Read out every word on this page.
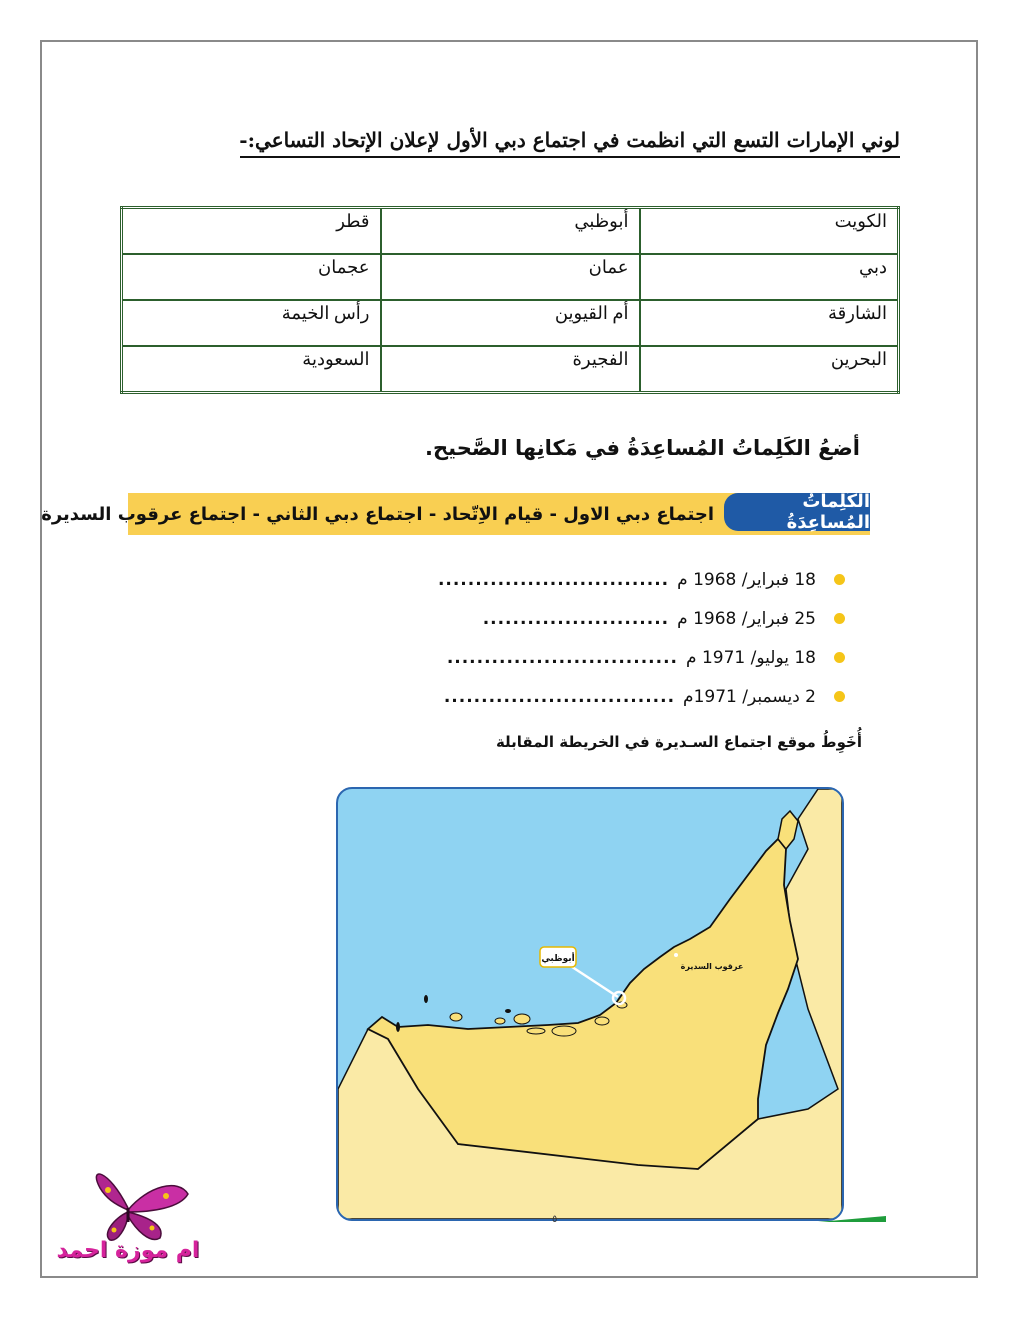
لوني الإمارات التسع التي انظمت في اجتماع دبي الأول لإعلان الإتحاد التساعي:-
الكويت	أبوظبي	قطر
دبي	عمان	عجمان
الشارقة	أم القيوين	رأس الخيمة
البحرين	الفجيرة	السعودية
أضعُ الكَلِماتُ المُساعِدَةُ في مَكانِها الصَّحيح.
الكَلِماتُ المُساعِدَةُ
اجتماع دبي الاول - قيام الاِتّحاد - اجتماع دبي الثاني - اجتماع عرقوب السديرة
18 فبراير/ 1968 م
...............................
25 فبراير/ 1968 م
.........................
18 يوليو/ 1971 م
...............................
2 ديسمبر/ 1971م
...............................
أُخَوِطُ موقع اجتماع السـديرة في الخريطة المقابلة
أبوظبي
عرقوب السديرة
٥
ام موزة احمد
